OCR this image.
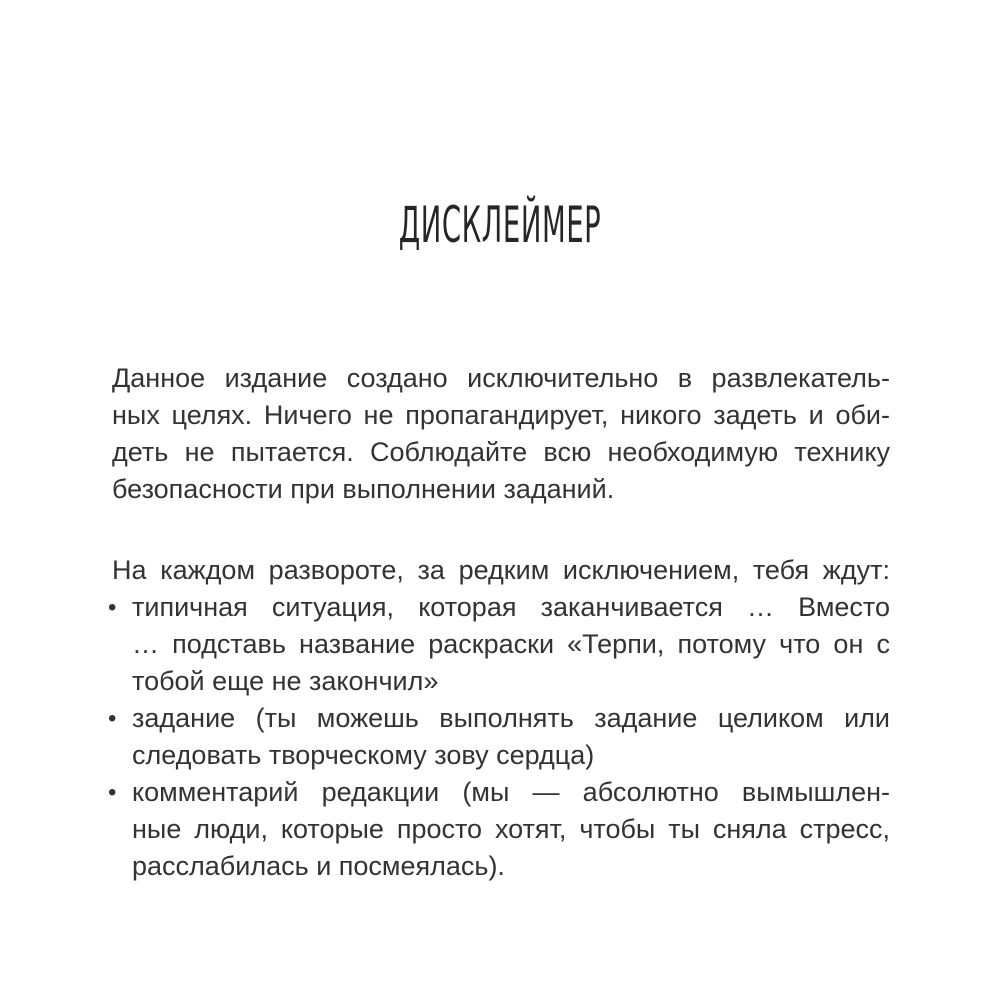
ДИСКЛЕЙМЕР
Данное издание создано исключительно в развлекатель-
ных целях. Ничего не пропагандирует, никого задеть и оби-
деть не пытается. Соблюдайте всю необходимую технику
безопасности при выполнении заданий.
На каждом развороте, за редким исключением, тебя ждут:
• типичная ситуация, которая заканчивается … Вместо
… подставь название раскраски «Терпи, потому что он с
тобой еще не закончил»
• задание (ты можешь выполнять задание целиком или
следовать творческому зову сердца)
• комментарий редакции (мы — абсолютно вымышлен-
ные люди, которые просто хотят, чтобы ты сняла стресс,
расслабилась и посмеялась).
